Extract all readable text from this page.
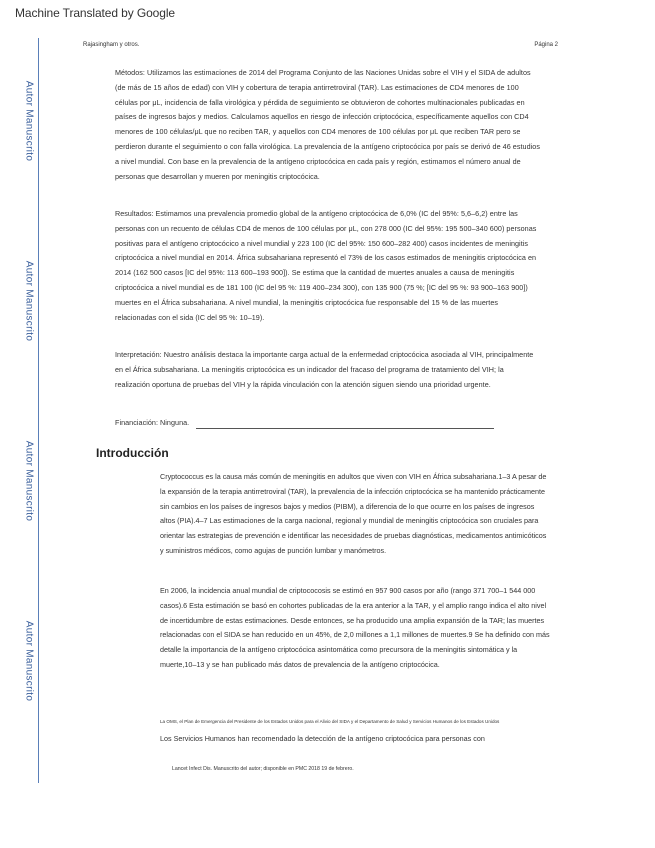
Machine Translated by Google
Autor Manuscrito
Autor Manuscrito
Autor Manuscrito
Autor Manuscrito
Rajasingham y otros.	Página 2

Métodos: Utilizamos las estimaciones de 2014 del Programa Conjunto de las Naciones Unidas sobre el VIH y el SIDA de adultos (de más de 15 años de edad) con VIH y cobertura de terapia antirretroviral (TAR). Las estimaciones de CD4 menores de 100 células por μL, incidencia de falla virológica y pérdida de seguimiento se obtuvieron de cohortes multinacionales publicadas en países de ingresos bajos y medios. Calculamos aquellos en riesgo de infección criptocócica, específicamente aquellos con CD4 menores de 100 células/μL que no reciben TAR, y aquellos con CD4 menores de 100 células por μL que reciben TAR pero se perdieron durante el seguimiento o con falla virológica. La prevalencia de la antígeno criptocócica por país se derivó de 46 estudios a nivel mundial. Con base en la prevalencia de la antígeno criptocócica en cada país y región, estimamos el número anual de personas que desarrollan y mueren por meningitis criptocócica.

Resultados: Estimamos una prevalencia promedio global de la antígeno criptocócica de 6,0% (IC del 95%: 5,6–6,2) entre las personas con un recuento de células CD4 de menos de 100 células por μL, con 278 000 (IC del 95%: 195 500–340 600) personas positivas para el antígeno criptocócico a nivel mundial y 223 100 (IC del 95%: 150 600–282 400) casos incidentes de meningitis criptocócica a nivel mundial en 2014. África subsahariana representó el 73% de los casos estimados de meningitis criptocócica en 2014 (162 500 casos [IC del 95%: 113 600–193 900]). Se estima que la cantidad de muertes anuales a causa de meningitis criptocócica a nivel mundial es de 181 100 (IC del 95 %: 119 400–234 300), con 135 900 (75 %; [IC del 95 %: 93 900–163 900]) muertes en el África subsahariana. A nivel mundial, la meningitis criptocócica fue responsable del 15 % de las muertes relacionadas con el sida (IC del 95 %: 10–19).

Interpretación: Nuestro análisis destaca la importante carga actual de la enfermedad criptocócica asociada al VIH, principalmente en el África subsahariana. La meningitis criptocócica es un indicador del fracaso del programa de tratamiento del VIH; la realización oportuna de pruebas del VIH y la rápida vinculación con la atención siguen siendo una prioridad urgente.

Financiación: Ninguna.

Introducción

Cryptococcus es la causa más común de meningitis en adultos que viven con VIH en África subsahariana.1–3 A pesar de la expansión de la terapia antirretroviral (TAR), la prevalencia de la infección criptocócica se ha mantenido prácticamente sin cambios en los países de ingresos bajos y medios (PIBM), a diferencia de lo que ocurre en los países de ingresos altos (PIA).4–7 Las estimaciones de la carga nacional, regional y mundial de meningitis criptocócica son cruciales para orientar las estrategias de prevención e identificar las necesidades de pruebas diagnósticas, medicamentos antimicóticos y suministros médicos, como agujas de punción lumbar y manómetros.

En 2006, la incidencia anual mundial de criptococosis se estimó en 957 900 casos por año (rango 371 700–1 544 000 casos).6 Esta estimación se basó en cohortes publicadas de la era anterior a la TAR, y el amplio rango indica el alto nivel de incertidumbre de estas estimaciones. Desde entonces, se ha producido una amplia expansión de la TAR; las muertes relacionadas con el SIDA se han reducido en un 45%, de 2,0 millones a 1,1 millones de muertes.9 Se ha definido con más detalle la importancia de la antígeno criptocócica asintomática como precursora de la meningitis sintomática y la muerte,10–13 y se han publicado más datos de prevalencia de la antígeno criptocócica.

La OMS, el Plan de Emergencia del Presidente de los Estados Unidos para el Alivio del SIDA y el Departamento de Salud y Servicios Humanos de los Estados Unidos
Los Servicios Humanos han recomendado la detección de la antígeno criptocócica para personas con
Lancet Infect Dis. Manuscrito del autor; disponible en PMC 2018 19 de febrero.
